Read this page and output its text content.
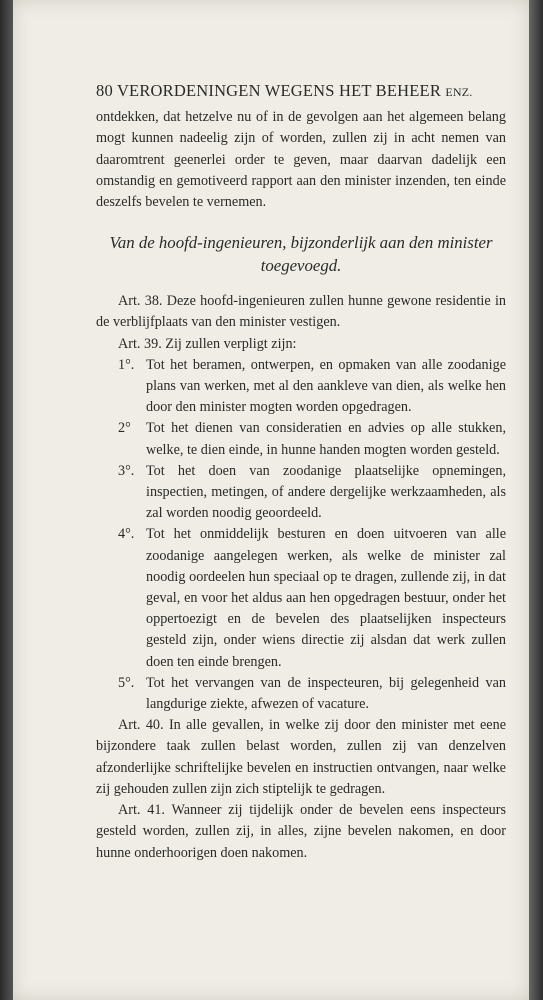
80 VERORDENINGEN WEGENS HET BEHEER ENZ.

ontdekken, dat hetzelve nu of in de gevolgen aan het algemeen belang mogt kunnen nadeelig zijn of worden, zullen zij in acht nemen van daaromtrent geenerlei order te geven, maar daarvan dadelijk een omstandig en gemotiveerd rapport aan den minister inzenden, ten einde deszelfs bevelen te vernemen.

Van de hoofd-ingenieuren, bijzonderlijk aan den minister toegevoegd.

Art. 38. Deze hoofd-ingenieuren zullen hunne gewone residentie in de verblijfplaats van den minister vestigen.

Art. 39. Zij zullen verpligt zijn:

1°. Tot het beramen, ontwerpen, en opmaken van alle zoodanige plans van werken, met al den aankleve van dien, als welke hen door den minister mogten worden opgedragen.

2° Tot het dienen van consideratien en advies op alle stukken, welke, te dien einde, in hunne handen mogten worden gesteld.

3°. Tot het doen van zoodanige plaatselijke opnemingen, inspectien, metingen, of andere dergelijke werkzaamheden, als zal worden noodig geoordeeld.

4°. Tot het onmiddelijk besturen en doen uitvoeren van alle zoodanige aangelegen werken, als welke de minister zal noodig oordeelen hun speciaal op te dragen, zullende zij, in dat geval, en voor het aldus aan hen opgedragen bestuur, onder het oppertoezigt en de bevelen des plaatselijken inspecteurs gesteld zijn, onder wiens directie zij alsdan dat werk zullen doen ten einde brengen.

5°. Tot het vervangen van de inspecteuren, bij gelegenheid van langdurige ziekte, afwezen of vacature.

Art. 40. In alle gevallen, in welke zij door den minister met eene bijzondere taak zullen belast worden, zullen zij van denzelven afzonderlijke schriftelijke bevelen en instructien ontvangen, naar welke zij gehouden zullen zijn zich stiptelijk te gedragen.

Art. 41. Wanneer zij tijdelijk onder de bevelen eens inspecteurs gesteld worden, zullen zij, in alles, zijne bevelen nakomen, en door hunne onderhoorigen doen nakomen.
